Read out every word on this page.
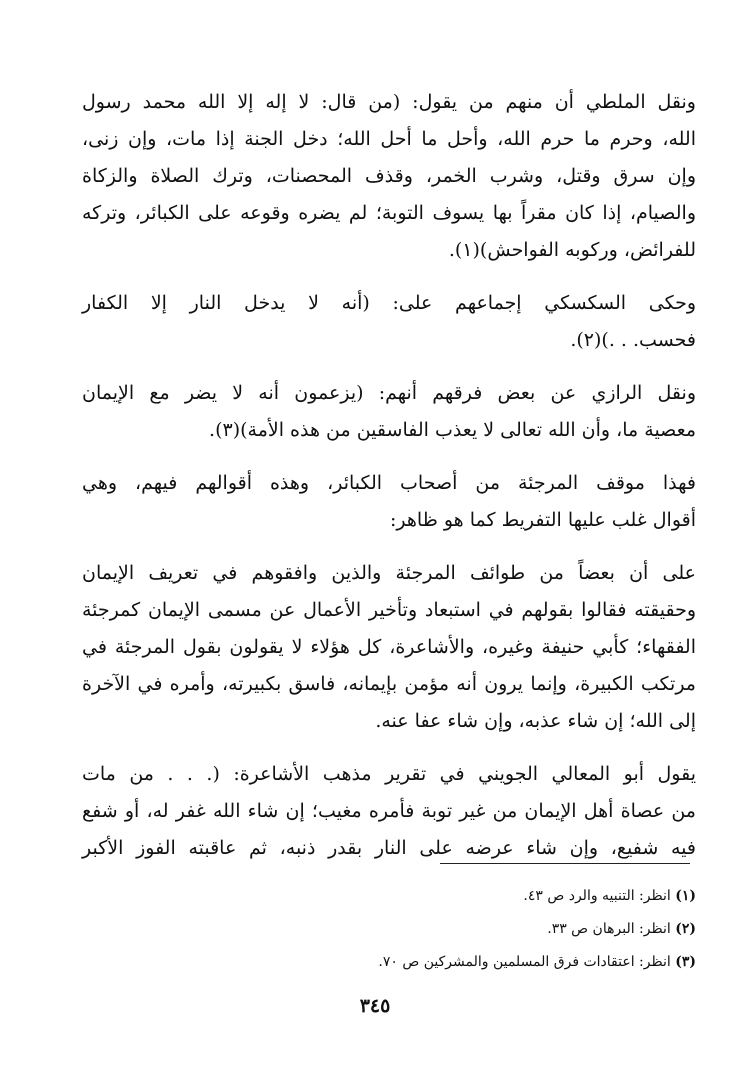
ونقل الملطي أن منهم من يقول: (من قال: لا إله إلا الله محمد رسول
الله، وحرم ما حرم الله، وأحل ما أحل الله؛ دخل الجنة إذا مات، وإن زنى،
وإن سرق وقتل، وشرب الخمر، وقذف المحصنات، وترك الصلاة والزكاة
والصيام، إذا كان مقراً بها يسوف التوبة؛ لم يضره وقوعه على الكبائر، وتركه
للفرائض، وركوبه الفواحش)(١).

وحكى السكسكي إجماعهم على: (أنه لا يدخل النار إلا الكفار
فحسب. . .)(٢).

ونقل الرازي عن بعض فرقهم أنهم: (يزعمون أنه لا يضر مع الإيمان
معصية ما، وأن الله تعالى لا يعذب الفاسقين من هذه الأمة)(٣).

فهذا موقف المرجئة من أصحاب الكبائر، وهذه أقوالهم فيهم، وهي
أقوال غلب عليها التفريط كما هو ظاهر:

على أن بعضاً من طوائف المرجئة والذين وافقوهم في تعريف الإيمان
وحقيقته فقالوا بقولهم في استبعاد وتأخير الأعمال عن مسمى الإيمان كمرجئة
الفقهاء؛ كأبي حنيفة وغيره، والأشاعرة، كل هؤلاء لا يقولون بقول المرجئة في
مرتكب الكبيرة، وإنما يرون أنه مؤمن بإيمانه، فاسق بكبيرته، وأمره في الآخرة
إلى الله؛ إن شاء عذبه، وإن شاء عفا عنه.

يقول أبو المعالي الجويني في تقرير مذهب الأشاعرة: (. . . من مات
من عصاة أهل الإيمان من غير توبة فأمره مغيب؛ إن شاء الله غفر له، أو شفع
فيه شفيع، وإن شاء عرضه على النار بقدر ذنبه، ثم عاقبته الفوز الأكبر

(١) انظر: التنبيه والرد ص ٤٣.
(٢) انظر: البرهان ص ٣٣.
(٣) انظر: اعتقادات فرق المسلمين والمشركين ص ٧٠.
٣٤٥
